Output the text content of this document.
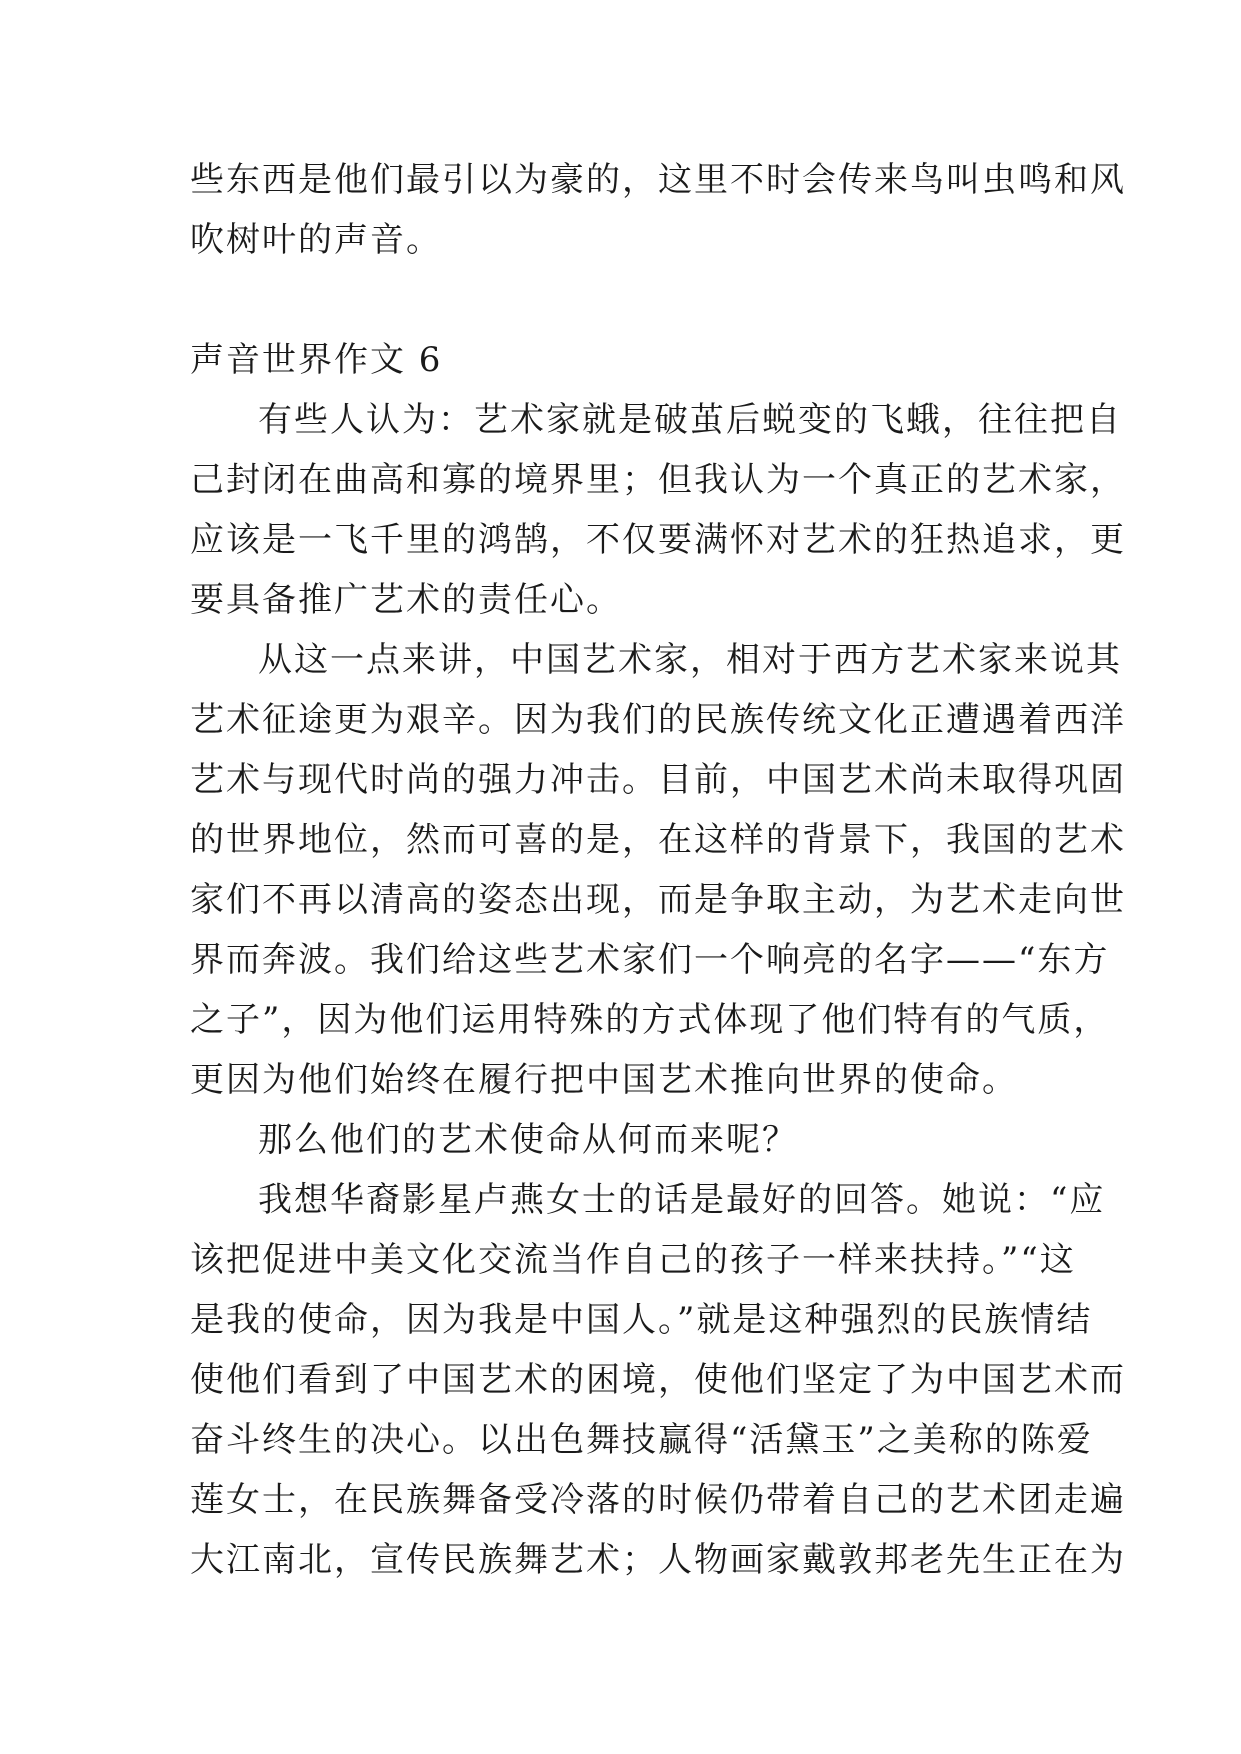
些东西是他们最引以为豪的，这里不时会传来鸟叫虫鸣和风
吹树叶的声音。
声音世界作文 6
有些人认为：艺术家就是破茧后蜕变的飞蛾，往往把自
己封闭在曲高和寡的境界里；但我认为一个真正的艺术家，
应该是一飞千里的鸿鹄，不仅要满怀对艺术的狂热追求，更
要具备推广艺术的责任心。
从这一点来讲，中国艺术家，相对于西方艺术家来说其
艺术征途更为艰辛。因为我们的民族传统文化正遭遇着西洋
艺术与现代时尚的强力冲击。目前，中国艺术尚未取得巩固
的世界地位，然而可喜的是，在这样的背景下，我国的艺术
家们不再以清高的姿态出现，而是争取主动，为艺术走向世
界而奔波。我们给这些艺术家们一个响亮的名字——“东方
之子”，因为他们运用特殊的方式体现了他们特有的气质，
更因为他们始终在履行把中国艺术推向世界的使命。
那么他们的艺术使命从何而来呢？
我想华裔影星卢燕女士的话是最好的回答。她说：“应
该把促进中美文化交流当作自己的孩子一样来扶持。”“这
是我的使命，因为我是中国人。”就是这种强烈的民族情结
使他们看到了中国艺术的困境，使他们坚定了为中国艺术而
奋斗终生的决心。以出色舞技赢得“活黛玉”之美称的陈爱
莲女士，在民族舞备受冷落的时候仍带着自己的艺术团走遍
大江南北，宣传民族舞艺术；人物画家戴敦邦老先生正在为
